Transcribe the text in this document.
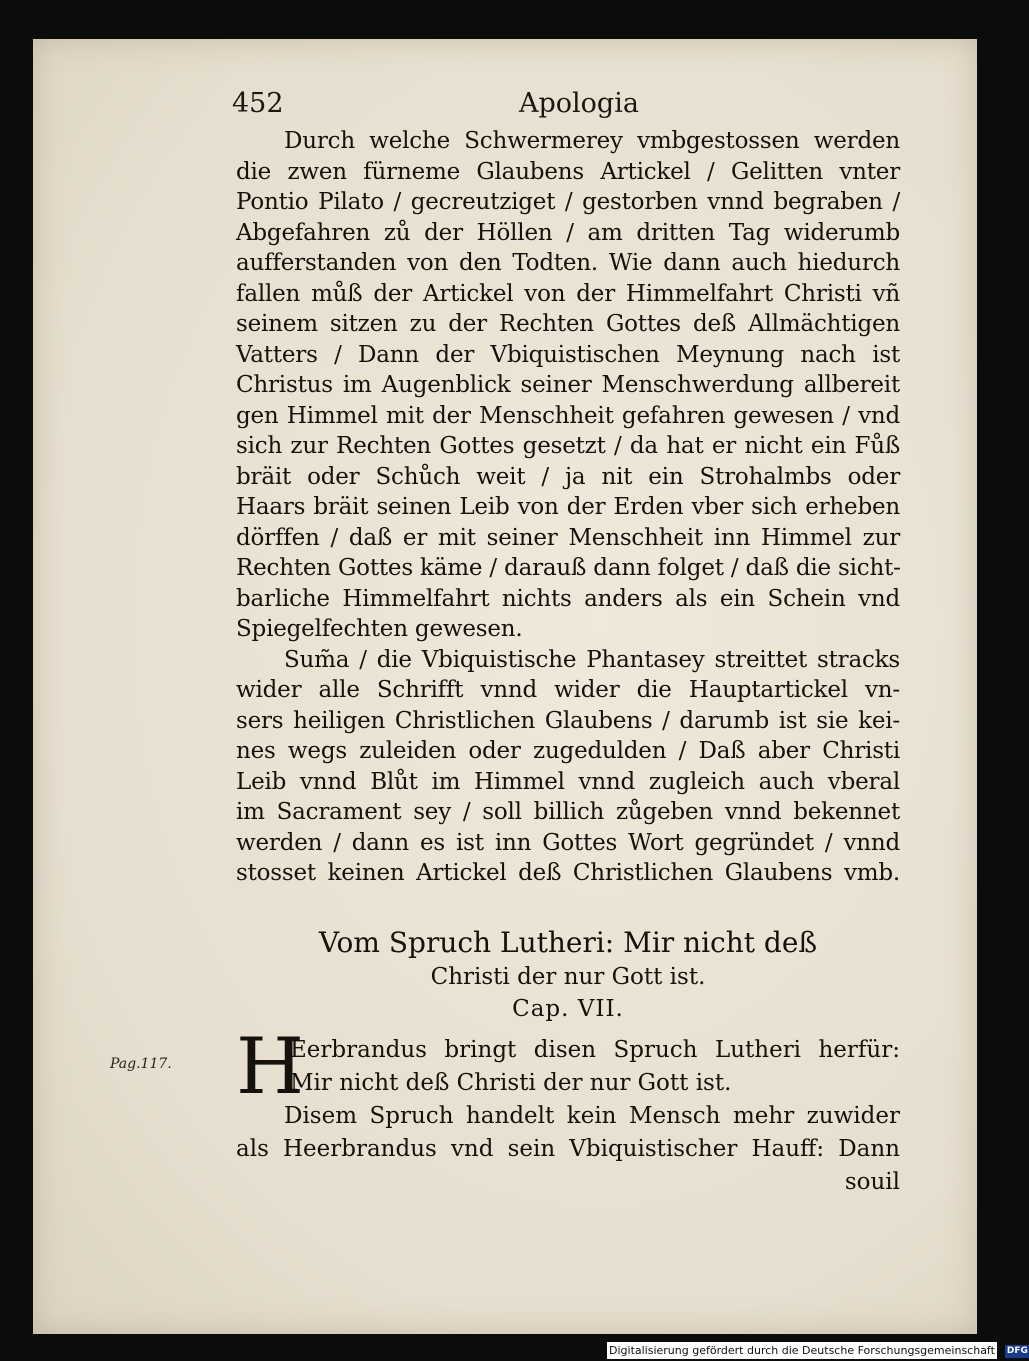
452	Apologia
Durch welche Schwermerey vmbgestossen werden
die zwen fürneme Glaubens Artickel / Gelitten vnter
Pontio Pilato / gecreutziget / gestorben vnnd begraben /
Abgefahren zů der Höllen / am dritten Tag widerumb
aufferstanden von den Todten. Wie dann auch hiedurch
fallen můß der Artickel von der Himmelfahrt Christi vñ
seinem sitzen zu der Rechten Gottes deß Allmächtigen
Vatters / Dann der Vbiquistischen Meynung nach ist
Christus im Augenblick seiner Menschwerdung allbereit
gen Himmel mit der Menschheit gefahren gewesen / vnd
sich zur Rechten Gottes gesetzt / da hat er nicht ein Fůß
bräit oder Schůch weit / ja nit ein Strohalmbs oder
Haars bräit seinen Leib von der Erden vber sich erheben
dörffen / daß er mit seiner Menschheit inn Himmel zur
Rechten Gottes käme / darauß dann folget / daß die sicht-
barliche Himmelfahrt nichts anders als ein Schein vnd
Spiegelfechten gewesen.
Sum̃a / die Vbiquistische Phantasey streittet stracks
wider alle Schrifft vnnd wider die Hauptartickel vn-
sers heiligen Christlichen Glaubens / darumb ist sie kei-
nes wegs zuleiden oder zugedulden / Daß aber Christi
Leib vnnd Blůt im Himmel vnnd zugleich auch vberal
im Sacrament sey / soll billich zůgeben vnnd bekennet
werden / dann es ist inn Gottes Wort gegründet / vnnd
stosset keinen Artickel deß Christlichen Glaubens vmb.
Vom Spruch Lutheri: Mir nicht deß
Christi der nur Gott ist.
Cap. VII.
Pag.117. H
Eerbrandus bringt disen Spruch Lutheri herfür:
Mir nicht deß Christi der nur Gott ist.
Disem Spruch handelt kein Mensch mehr zuwider
als Heerbrandus vnd sein Vbiquistischer Hauff: Dann
souil
Digitalisierung gefördert durch die Deutsche Forschungsgemeinschaft - DFG
